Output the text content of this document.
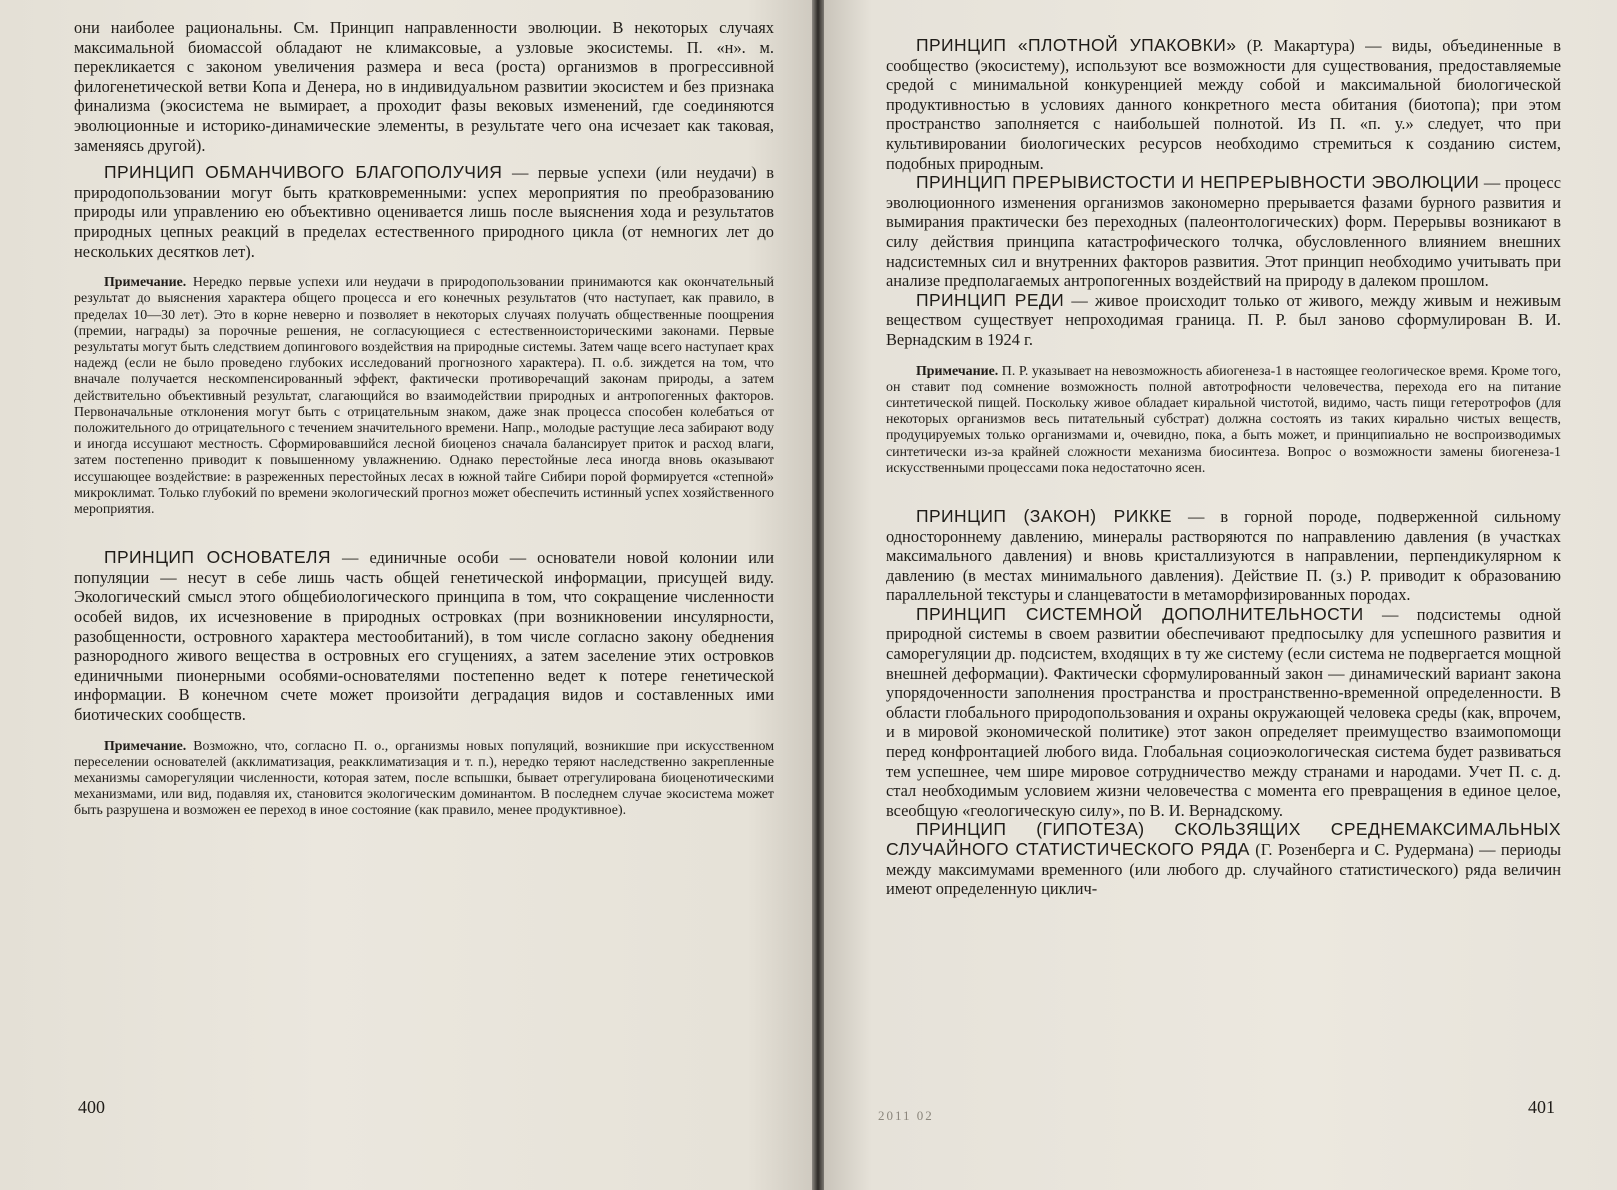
они наиболее рациональны. См. Принцип направленности эволюции. В некоторых случаях максимальной биомассой обладают не климаксовые, а узловые экосистемы. П. «н». м. перекликается с законом увеличения размера и веса (роста) организмов в прогрессивной филогенетической ветви Копа и Денера, но в индивидуальном развитии экосистем и без признака финализма (экосистема не вымирает, а проходит фазы вековых изменений, где соединяются эволюционные и историко-динамические элементы, в результате чего она исчезает как таковая, заменяясь другой).

ПРИНЦИП ОБМАНЧИВОГО БЛАГОПОЛУЧИЯ — первые успехи (или неудачи) в природопользовании могут быть кратковременными: успех мероприятия по преобразованию природы или управлению ею объективно оценивается лишь после выяснения хода и результатов природных цепных реакций в пределах естественного природного цикла (от немногих лет до нескольких десятков лет).

Примечание. Нередко первые успехи или неудачи в природопользовании принимаются как окончательный результат до выяснения характера общего процесса и его конечных результатов (что наступает, как правило, в пределах 10—30 лет). Это в корне неверно и позволяет в некоторых случаях получать общественные поощрения (премии, награды) за порочные решения, не согласующиеся с естественноисторическими законами. Первые результаты могут быть следствием допингового воздействия на природные системы. Затем чаще всего наступает крах надежд (если не было проведено глубоких исследований прогнозного характера). П. о.б. зиждется на том, что вначале получается нескомпенсированный эффект, фактически противоречащий законам природы, а затем действительно объективный результат, слагающийся во взаимодействии природных и антропогенных факторов. Первоначальные отклонения могут быть с отрицательным знаком, даже знак процесса способен колебаться от положительного до отрицательного с течением значительного времени. Напр., молодые растущие леса забирают воду и иногда иссушают местность. Сформировавшийся лесной биоценоз сначала балансирует приток и расход влаги, затем постепенно приводит к повышенному увлажнению. Однако перестойные леса иногда вновь оказывают иссушающее воздействие: в разреженных перестойных лесах в южной тайге Сибири порой формируется «степной» микроклимат. Только глубокий по времени экологический прогноз может обеспечить истинный успех хозяйственного мероприятия.

ПРИНЦИП ОСНОВАТЕЛЯ — единичные особи — основатели новой колонии или популяции — несут в себе лишь часть общей генетической информации, присущей виду. Экологический смысл этого общебиологического принципа в том, что сокращение численности особей видов, их исчезновение в природных островках (при возникновении инсулярности, разобщенности, островного характера местообитаний), в том числе согласно закону обеднения разнородного живого вещества в островных его сгущениях, а затем заселение этих островков единичными пионерными особями-основателями постепенно ведет к потере генетической информации. В конечном счете может произойти деградация видов и составленных ими биотических сообществ.

Примечание. Возможно, что, согласно П. о., организмы новых популяций, возникшие при искусственном переселении основателей (акклиматизация, реакклиматизация и т. п.), нередко теряют наследственно закрепленные механизмы саморегуляции численности, которая затем, после вспышки, бывает отрегулирована биоценотическими механизмами, или вид, подавляя их, становится экологическим доминантом. В последнем случае экосистема может быть разрушена и возможен ее переход в иное состояние (как правило, менее продуктивное).

400

ПРИНЦИП «ПЛОТНОЙ УПАКОВКИ» (Р. Макартура) — виды, объединенные в сообщество (экосистему), используют все возможности для существования, предоставляемые средой с минимальной конкуренцией между собой и максимальной биологической продуктивностью в условиях данного конкретного места обитания (биотопа); при этом пространство заполняется с наибольшей полнотой. Из П. «п. у.» следует, что при культивировании биологических ресурсов необходимо стремиться к созданию систем, подобных природным.

ПРИНЦИП ПРЕРЫВИСТОСТИ И НЕПРЕРЫВНОСТИ ЭВОЛЮЦИИ — процесс эволюционного изменения организмов закономерно прерывается фазами бурного развития и вымирания практически без переходных (палеонтологических) форм. Перерывы возникают в силу действия принципа катастрофического толчка, обусловленного влиянием внешних надсистемных сил и внутренних факторов развития. Этот принцип необходимо учитывать при анализе предполагаемых антропогенных воздействий на природу в далеком прошлом.

ПРИНЦИП РЕДИ — живое происходит только от живого, между живым и неживым веществом существует непроходимая граница. П. Р. был заново сформулирован В. И. Вернадским в 1924 г.

Примечание. П. Р. указывает на невозможность абиогенеза-1 в настоящее геологическое время. Кроме того, он ставит под сомнение возможность полной автотрофности человечества, перехода его на питание синтетической пищей. Поскольку живое обладает киральной чистотой, видимо, часть пищи гетеротрофов (для некоторых организмов весь питательный субстрат) должна состоять из таких кирально чистых веществ, продуцируемых только организмами и, очевидно, пока, а быть может, и принципиально не воспроизводимых синтетически из-за крайней сложности механизма биосинтеза. Вопрос о возможности замены биогенеза-1 искусственными процессами пока недостаточно ясен.

ПРИНЦИП (ЗАКОН) РИККЕ — в горной породе, подверженной сильному одностороннему давлению, минералы растворяются по направлению давления (в участках максимального давления) и вновь кристаллизуются в направлении, перпендикулярном к давлению (в местах минимального давления). Действие П. (з.) Р. приводит к образованию параллельной текстуры и сланцеватости в метаморфизированных породах.

ПРИНЦИП СИСТЕМНОЙ ДОПОЛНИТЕЛЬНОСТИ — подсистемы одной природной системы в своем развитии обеспечивают предпосылку для успешного развития и саморегуляции др. подсистем, входящих в ту же систему (если система не подвергается мощной внешней деформации). Фактически сформулированный закон — динамический вариант закона упорядоченности заполнения пространства и пространственно-временной определенности. В области глобального природопользования и охраны окружающей человека среды (как, впрочем, и в мировой экономической политике) этот закон определяет преимущество взаимопомощи перед конфронтацией любого вида. Глобальная социоэкологическая система будет развиваться тем успешнее, чем шире мировое сотрудничество между странами и народами. Учет П. с. д. стал необходимым условием жизни человечества с момента его превращения в единое целое, всеобщую «геологическую силу», по В. И. Вернадскому.

ПРИНЦИП (ГИПОТЕЗА) СКОЛЬЗЯЩИХ СРЕДНЕМАКСИМАЛЬНЫХ СЛУЧАЙНОГО СТАТИСТИЧЕСКОГО РЯДА (Г. Розенберга и С. Рудермана) — периоды между максимумами временного (или любого др. случайного статистического) ряда величин имеют определенную циклич-

2011 02	401
